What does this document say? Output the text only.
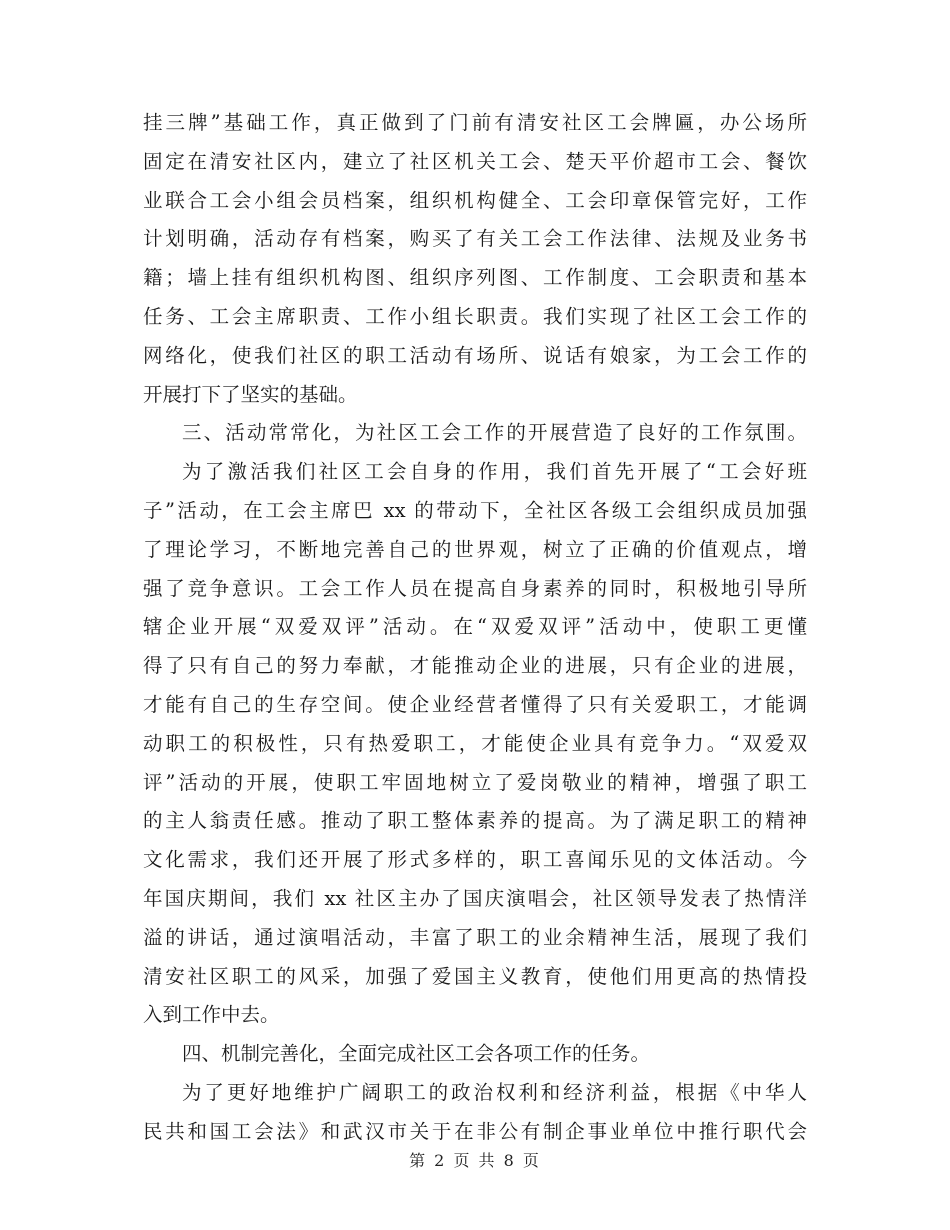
挂三牌”基础工作，真正做到了门前有清安社区工会牌匾，办公场所
固定在清安社区内，建立了社区机关工会、楚天平价超市工会、餐饮
业联合工会小组会员档案，组织机构健全、工会印章保管完好，工作
计划明确，活动存有档案，购买了有关工会工作法律、法规及业务书
籍；墙上挂有组织机构图、组织序列图、工作制度、工会职责和基本
任务、工会主席职责、工作小组长职责。我们实现了社区工会工作的
网络化，使我们社区的职工活动有场所、说话有娘家，为工会工作的
开展打下了坚实的基础。
三、活动常常化，为社区工会工作的开展营造了良好的工作氛围。
为了激活我们社区工会自身的作用，我们首先开展了“工会好班
子”活动，在工会主席巴 xx 的带动下，全社区各级工会组织成员加强
了理论学习，不断地完善自己的世界观，树立了正确的价值观点，增
强了竞争意识。工会工作人员在提高自身素养的同时，积极地引导所
辖企业开展“双爱双评”活动。在“双爱双评”活动中，使职工更懂
得了只有自己的努力奉献，才能推动企业的进展，只有企业的进展，
才能有自己的生存空间。使企业经营者懂得了只有关爱职工，才能调
动职工的积极性，只有热爱职工，才能使企业具有竞争力。“双爱双
评”活动的开展，使职工牢固地树立了爱岗敬业的精神，增强了职工
的主人翁责任感。推动了职工整体素养的提高。为了满足职工的精神
文化需求，我们还开展了形式多样的，职工喜闻乐见的文体活动。今
年国庆期间，我们 xx 社区主办了国庆演唱会，社区领导发表了热情洋
溢的讲话，通过演唱活动，丰富了职工的业余精神生活，展现了我们
清安社区职工的风采，加强了爱国主义教育，使他们用更高的热情投
入到工作中去。
四、机制完善化，全面完成社区工会各项工作的任务。
为了更好地维护广阔职工的政治权利和经济利益，根据《中华人
民共和国工会法》和武汉市关于在非公有制企事业单位中推行职代会
第 2 页 共 8 页
